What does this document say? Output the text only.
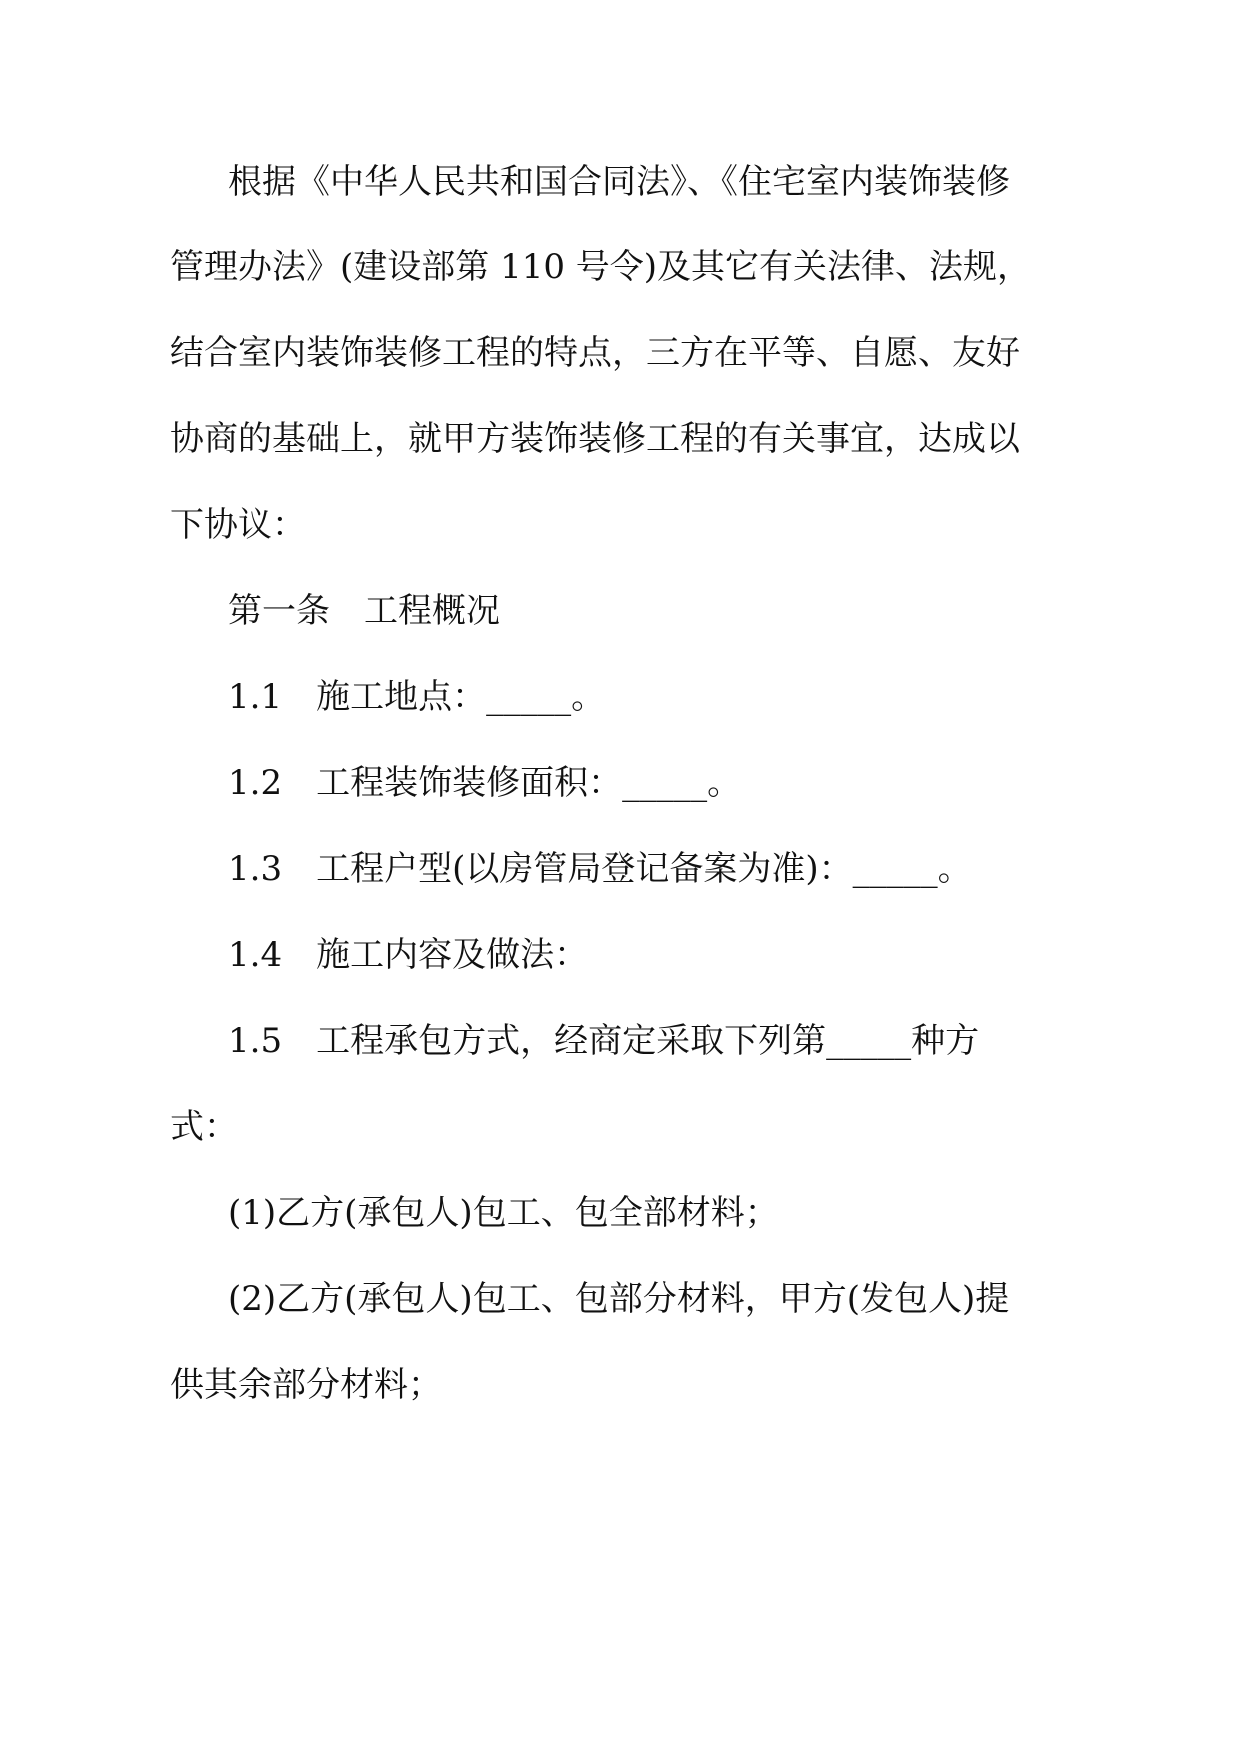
根据《中华人民共和国合同法》、《住宅室内装饰装修
管理办法》(建设部第 110 号令)及其它有关法律、法规，
结合室内装饰装修工程的特点，三方在平等、自愿、友好
协商的基础上，就甲方装饰装修工程的有关事宜，达成以
下协议：
第一条　工程概况
1.1　施工地点：_____。
1.2　工程装饰装修面积：_____。
1.3　工程户型(以房管局登记备案为准)：_____。
1.4　施工内容及做法：
1.5　工程承包方式，经商定采取下列第_____种方
式：
(1)乙方(承包人)包工、包全部材料；
(2)乙方(承包人)包工、包部分材料，甲方(发包人)提
供其余部分材料；
